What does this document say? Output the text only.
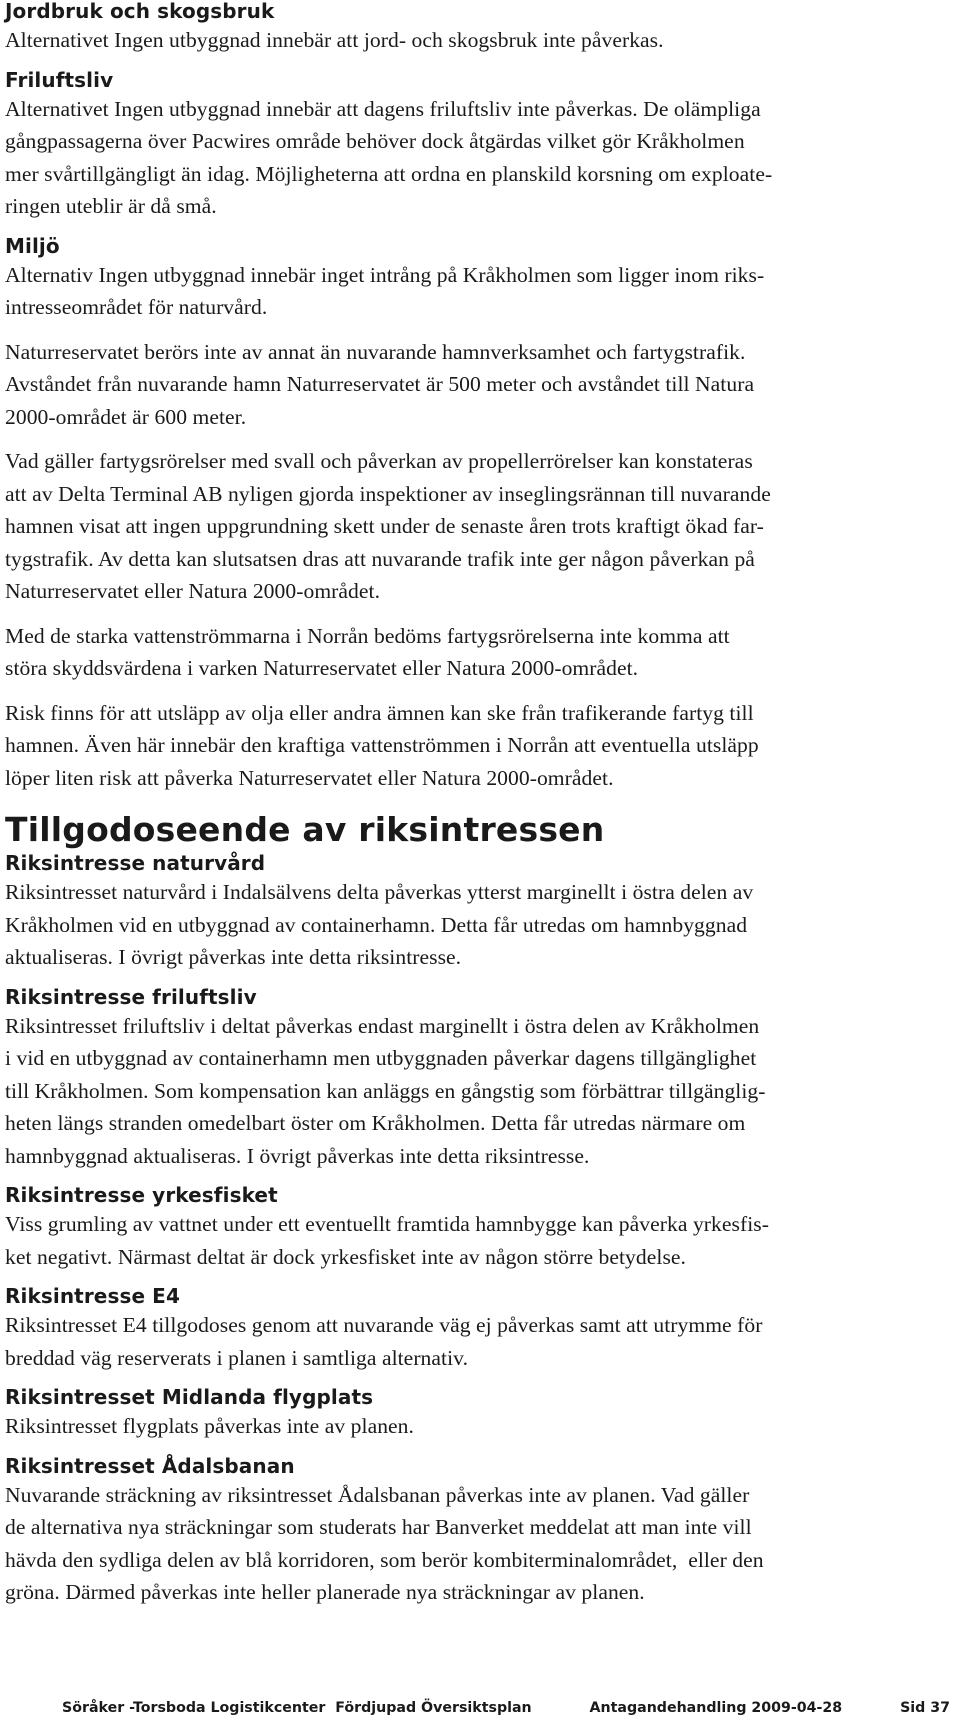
Jordbruk och skogsbruk

Alternativet Ingen utbyggnad innebär att jord- och skogsbruk inte påverkas.

Friluftsliv

Alternativet Ingen utbyggnad innebär att dagens friluftsliv inte påverkas. De olämpliga
gångpassagerna över Pacwires område behöver dock åtgärdas vilket gör Kråkholmen
mer svårtillgängligt än idag. Möjligheterna att ordna en planskild korsning om exploate-
ringen uteblir är då små.

Miljö

Alternativ Ingen utbyggnad innebär inget intrång på Kråkholmen som ligger inom riks-
intresseområdet för naturvård.

Naturreservatet berörs inte av annat än nuvarande hamnverksamhet och fartygstrafik.
Avståndet från nuvarande hamn Naturreservatet är 500 meter och avståndet till Natura
2000-området är 600 meter.

Vad gäller fartygsrörelser med svall och påverkan av propellerrörelser kan konstateras
att av Delta Terminal AB nyligen gjorda inspektioner av inseglingsrännan till nuvarande
hamnen visat att ingen uppgrundning skett under de senaste åren trots kraftigt ökad far-
tygstrafik. Av detta kan slutsatsen dras att nuvarande trafik inte ger någon påverkan på
Naturreservatet eller Natura 2000-området.

Med de starka vattenströmmarna i Norrån bedöms fartygsrörelserna inte komma att
störa skyddsvärdena i varken Naturreservatet eller Natura 2000-området.

Risk finns för att utsläpp av olja eller andra ämnen kan ske från trafikerande fartyg till
hamnen. Även här innebär den kraftiga vattenströmmen i Norrån att eventuella utsläpp
löper liten risk att påverka Naturreservatet eller Natura 2000-området.

Tillgodoseende av riksintressen
Riksintresse naturvård

Riksintresset naturvård i Indalsälvens delta påverkas ytterst marginellt i östra delen av
Kråkholmen vid en utbyggnad av containerhamn. Detta får utredas om hamnbyggnad
aktualiseras. I övrigt påverkas inte detta riksintresse.

Riksintresse friluftsliv

Riksintresset friluftsliv i deltat påverkas endast marginellt i östra delen av Kråkholmen
i vid en utbyggnad av containerhamn men utbyggnaden påverkar dagens tillgänglighet
till Kråkholmen. Som kompensation kan anläggs en gångstig som förbättrar tillgänglig-
heten längs stranden omedelbart öster om Kråkholmen. Detta får utredas närmare om
hamnbyggnad aktualiseras. I övrigt påverkas inte detta riksintresse.

Riksintresse yrkesfisket

Viss grumling av vattnet under ett eventuellt framtida hamnbygge kan påverka yrkesfis-
ket negativt. Närmast deltat är dock yrkesfisket inte av någon större betydelse.

Riksintresse E4

Riksintresset E4 tillgodoses genom att nuvarande väg ej påverkas samt att utrymme för
breddad väg reserverats i planen i samtliga alternativ.

Riksintresset Midlanda flygplats

Riksintresset flygplats påverkas inte av planen.

Riksintresset Ådalsbanan

Nuvarande sträckning av riksintresset Ådalsbanan påverkas inte av planen. Vad gäller
de alternativa nya sträckningar som studerats har Banverket meddelat att man inte vill
hävda den sydliga delen av blå korridoren, som berör kombiterminalområdet,  eller den
gröna. Därmed påverkas inte heller planerade nya sträckningar av planen.

Söråker -Torsboda Logistikcenter  Fördjupad Översiktsplan	Antagandehandling 2009-04-28	Sid 37
